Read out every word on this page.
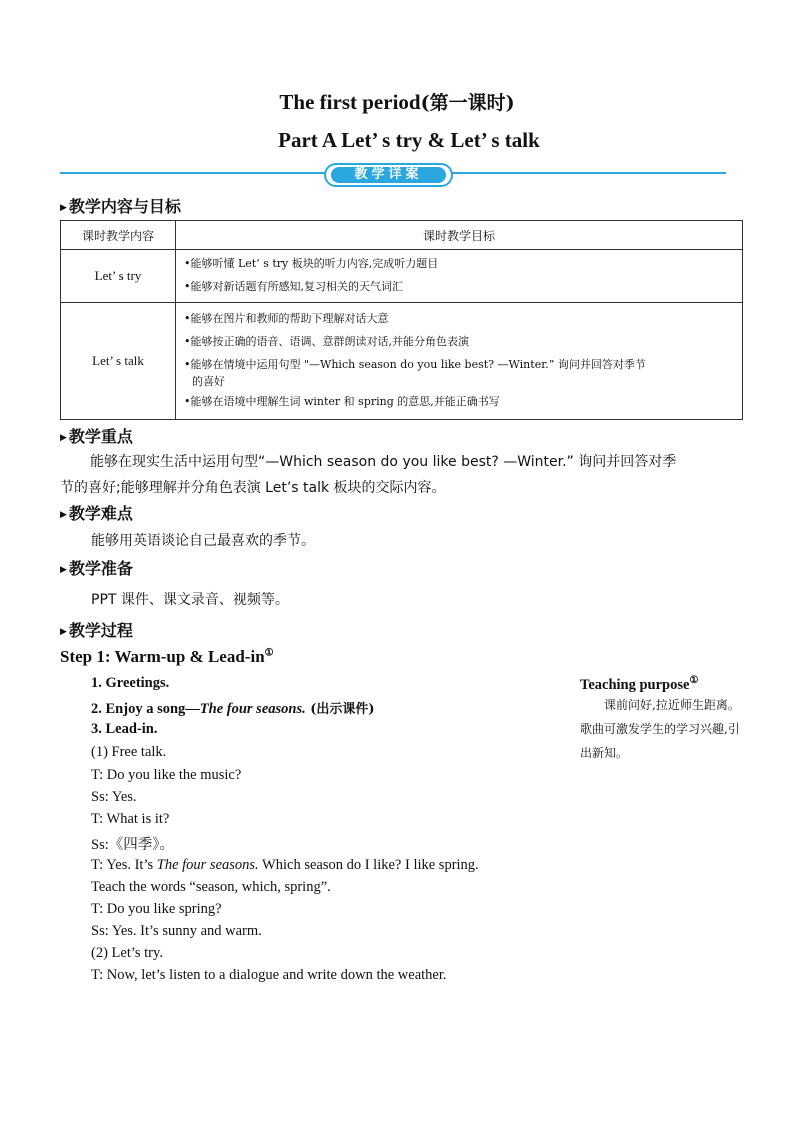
The first period(第一课时)
Part A Let’ s try & Let’ s talk
教学详案
▶ 教学内容与目标
课时教学内容	课时教学目标
Let’ s try	•能够听懂 Let’ s try 板块的听力内容,完成听力题目
•能够对新话题有所感知,复习相关的天气词汇

Let’ s talk	•能够在图片和教师的帮助下理解对话大意
•能够按正确的语音、语调、意群朗读对话,并能分角色表演
•能够在情境中运用句型 "—Which season do you like best? —Winter.” 询问并回答对季节
的喜好
•能够在语境中理解生词 winter 和 spring 的意思,并能正确书写
▶ 教学重点
能够在现实生活中运用句型“—Which season do you like best? —Winter.” 询问并回答对季
节的喜好;能够理解并分角色表演 Let’s talk 板块的交际内容。
▶ 教学难点
能够用英语谈论自己最喜欢的季节。
▶ 教学准备
PPT 课件、课文录音、视频等。
▶ 教学过程
Step 1: Warm-up & Lead-in①
1. Greetings.
2. Enjoy a song—The four seasons. (出示课件)
3. Lead-in.
(1) Free talk.
T: Do you like the music?
Ss: Yes.
T: What is it?
Ss:《四季》。
T: Yes. It’s The four seasons. Which season do I like? I like spring.
Teach the words “season, which, spring”.
T: Do you like spring?
Ss: Yes. It’s sunny and warm.
(2) Let’s try.
T: Now, let’s listen to a dialogue and write down the weather.
Teaching purpose①
课前问好,拉近师生距离。歌曲可激发学生的学习兴趣,引出新知。
